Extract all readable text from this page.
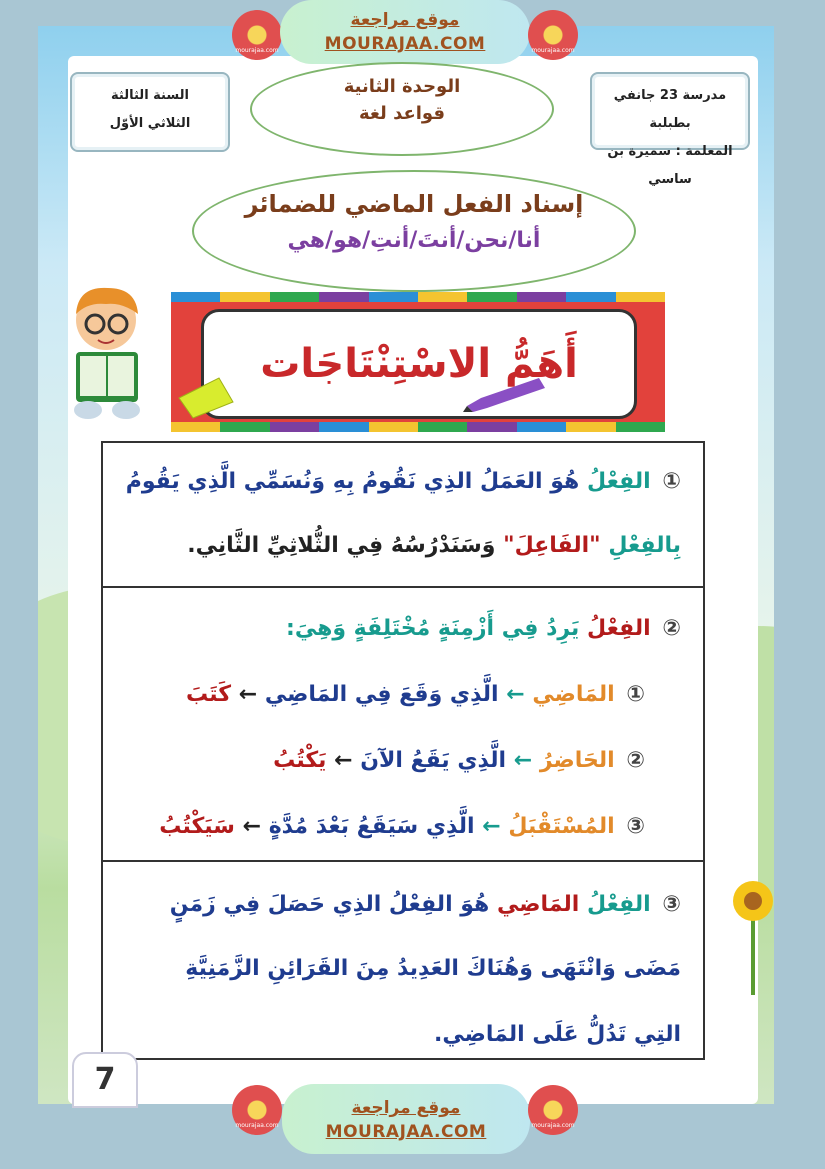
mourajaa.com
موقع مراجعة
MOURAJAA.COM	mourajaa.com
مدرسة 23 جانفي بطبلبة
المعلمة : سميرة بن ساسي
الوحدة الثانية
قواعد لغة
السنة الثالثة
الثلاثي الأوّل
إسناد الفعل الماضي للضمائر
أنا/نحن/أنتَ/أنتِ/هو/هي
أَهَمُّ الاسْتِنْتَاجَات
① الفِعْلُ هُوَ العَمَلُ الذِي نَقُومُ بِهِ وَنُسَمِّي الَّذِي يَقُومُ
بِالفِعْلِ "الفَاعِلَ" وَسَنَدْرُسُهُ فِي الثُّلاثِيِّ الثَّانِي.
② الفِعْلُ يَرِدُ فِي أَزْمِنَةٍ مُخْتَلِفَةٍ وَهِيَ:
① المَاضِي ← الَّذِي وَقَعَ فِي المَاضِي ← كَتَبَ
② الحَاضِرُ ← الَّذِي يَقَعُ الآنَ ← يَكْتُبُ
③ المُسْتَقْبَلُ ← الَّذِي سَيَقَعُ بَعْدَ مُدَّةٍ ← سَيَكْتُبُ
③ الفِعْلُ المَاضِي هُوَ الفِعْلُ الذِي حَصَلَ فِي زَمَنٍ
مَضَى وَانْتَهَى وَهُنَاكَ العَدِيدُ مِنَ القَرَائِنِ الزَّمَنِيَّةِ
التِي تَدُلُّ عَلَى المَاضِي.
7
mourajaa.com
موقع مراجعة
MOURAJAA.COM	mourajaa.com
